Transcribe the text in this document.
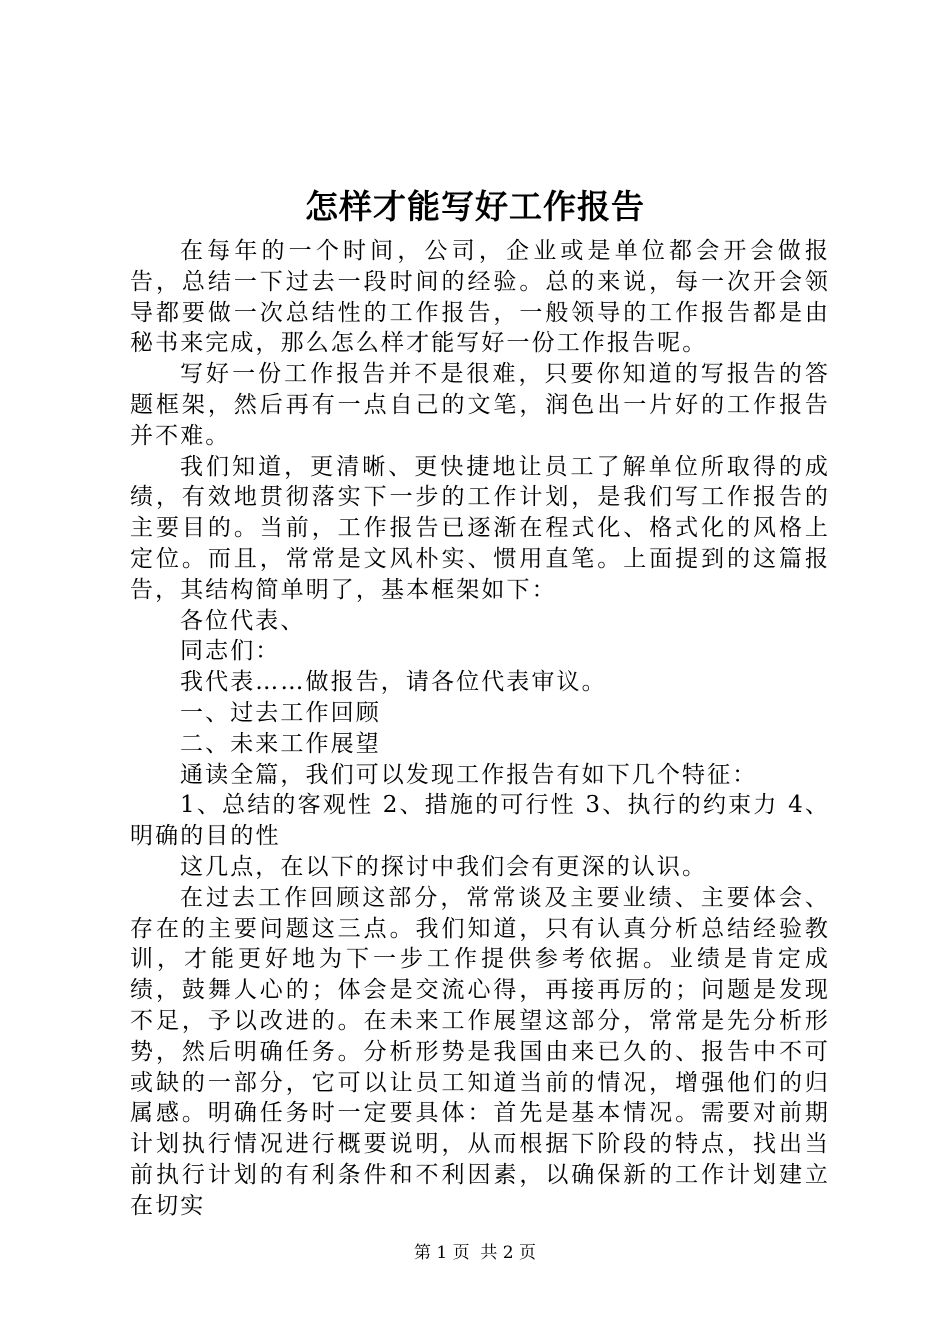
怎样才能写好工作报告

在每年的一个时间，公司，企业或是单位都会开会做报告，总结一下过去一段时间的经验。总的来说，每一次开会领导都要做一次总结性的工作报告，一般领导的工作报告都是由秘书来完成，那么怎么样才能写好一份工作报告呢。

写好一份工作报告并不是很难，只要你知道的写报告的答题框架，然后再有一点自己的文笔，润色出一片好的工作报告并不难。

我们知道，更清晰、更快捷地让员工了解单位所取得的成绩，有效地贯彻落实下一步的工作计划，是我们写工作报告的主要目的。当前，工作报告已逐渐在程式化、格式化的风格上定位。而且，常常是文风朴实、惯用直笔。上面提到的这篇报告，其结构简单明了，基本框架如下：

各位代表、

同志们：

我代表……做报告，请各位代表审议。

一、过去工作回顾

二、未来工作展望

通读全篇，我们可以发现工作报告有如下几个特征：

1、总结的客观性 2、措施的可行性 3、执行的约束力 4、明确的目的性

这几点，在以下的探讨中我们会有更深的认识。

在过去工作回顾这部分，常常谈及主要业绩、主要体会、存在的主要问题这三点。我们知道，只有认真分析总结经验教训，才能更好地为下一步工作提供参考依据。业绩是肯定成绩，鼓舞人心的；体会是交流心得，再接再厉的；问题是发现不足，予以改进的。在未来工作展望这部分，常常是先分析形势，然后明确任务。分析形势是我国由来已久的、报告中不可或缺的一部分，它可以让员工知道当前的情况，增强他们的归属感。明确任务时一定要具体：首先是基本情况。需要对前期计划执行情况进行概要说明，从而根据下阶段的特点，找出当前执行计划的有利条件和不利因素，以确保新的工作计划建立在切实

第 1 页  共 2 页
